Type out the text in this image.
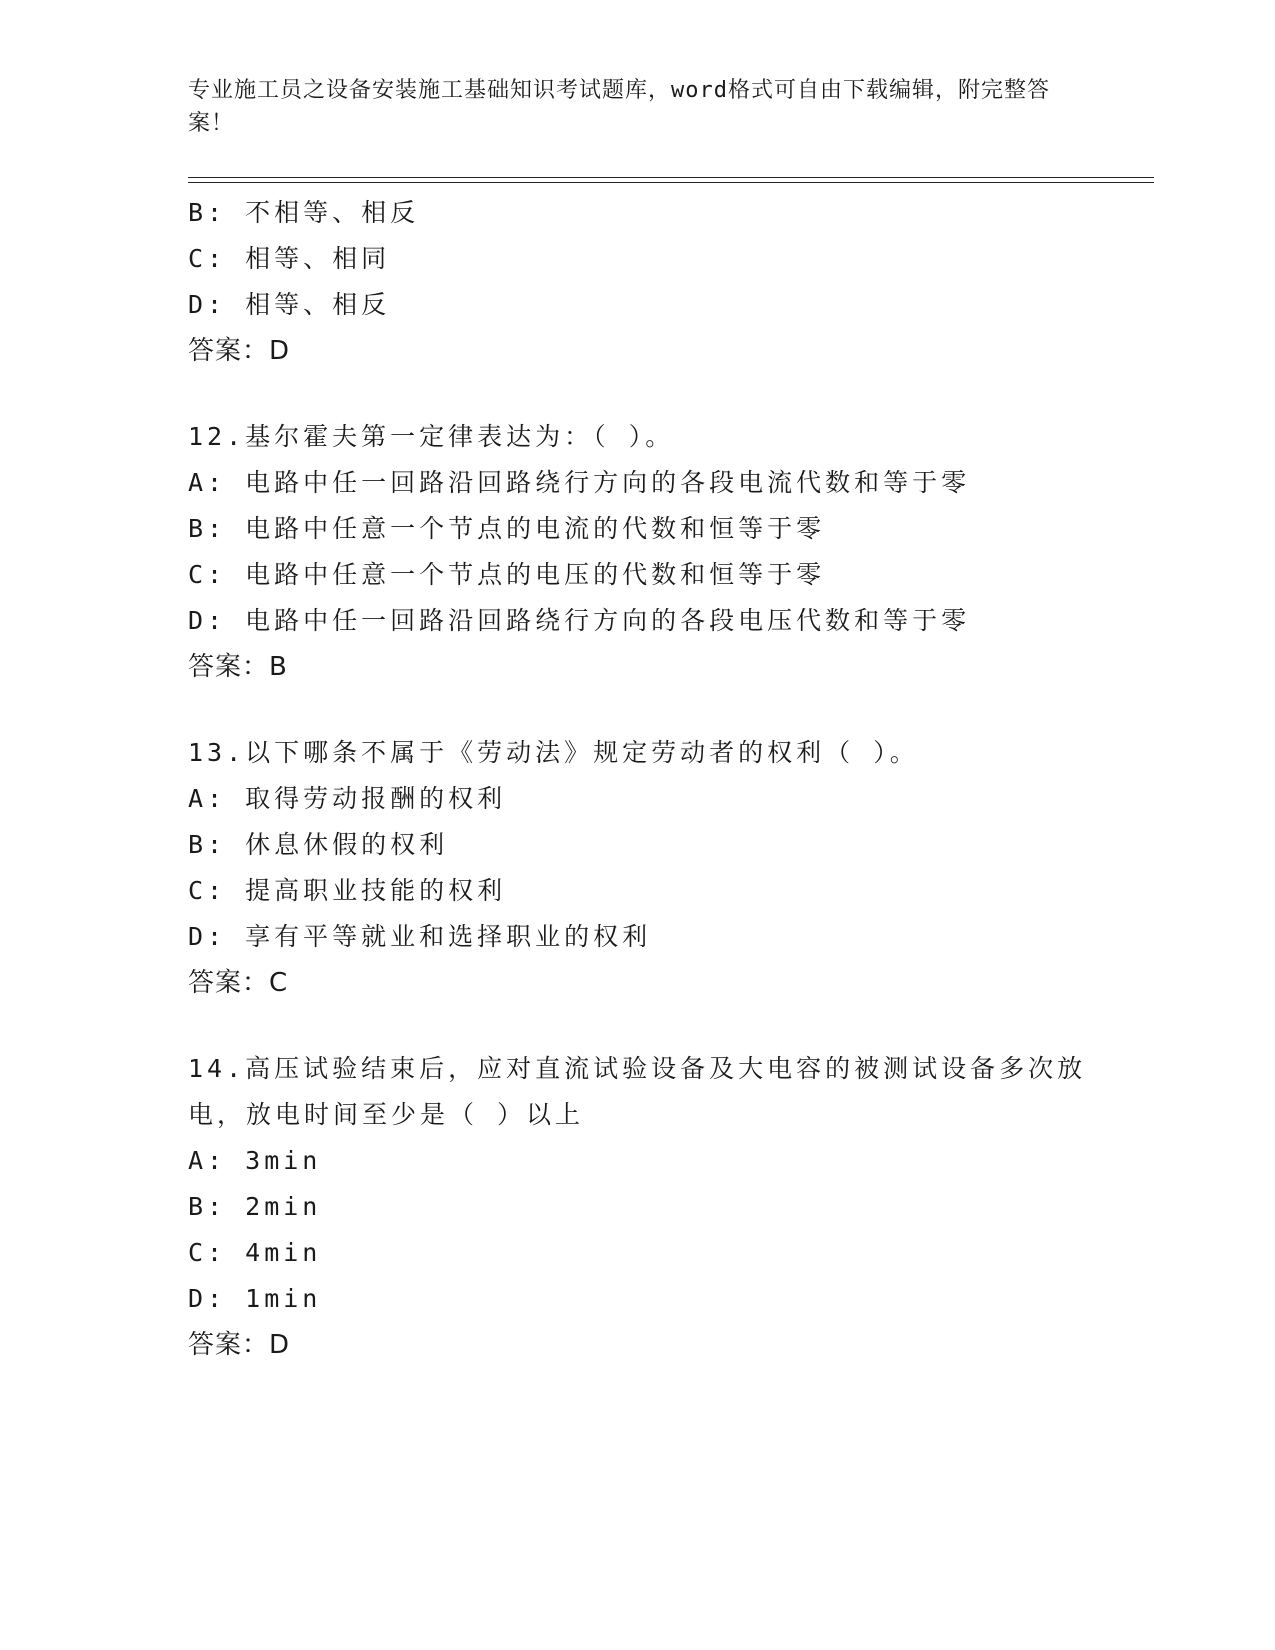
专业施工员之设备安装施工基础知识考试题库，word格式可自由下载编辑，附完整答案！
B: 不相等、相反
C: 相等、相同
D: 相等、相反
答案：D
12.基尔霍夫第一定律表达为：（ ）。
A: 电路中任一回路沿回路绕行方向的各段电流代数和等于零
B: 电路中任意一个节点的电流的代数和恒等于零
C: 电路中任意一个节点的电压的代数和恒等于零
D: 电路中任一回路沿回路绕行方向的各段电压代数和等于零
答案：B
13.以下哪条不属于《劳动法》规定劳动者的权利（ ）。
A: 取得劳动报酬的权利
B: 休息休假的权利
C: 提高职业技能的权利
D: 享有平等就业和选择职业的权利
答案：C
14.高压试验结束后，应对直流试验设备及大电容的被测试设备多次放
电，放电时间至少是（ ）以上
A: 3min
B: 2min
C: 4min
D: 1min
答案：D
